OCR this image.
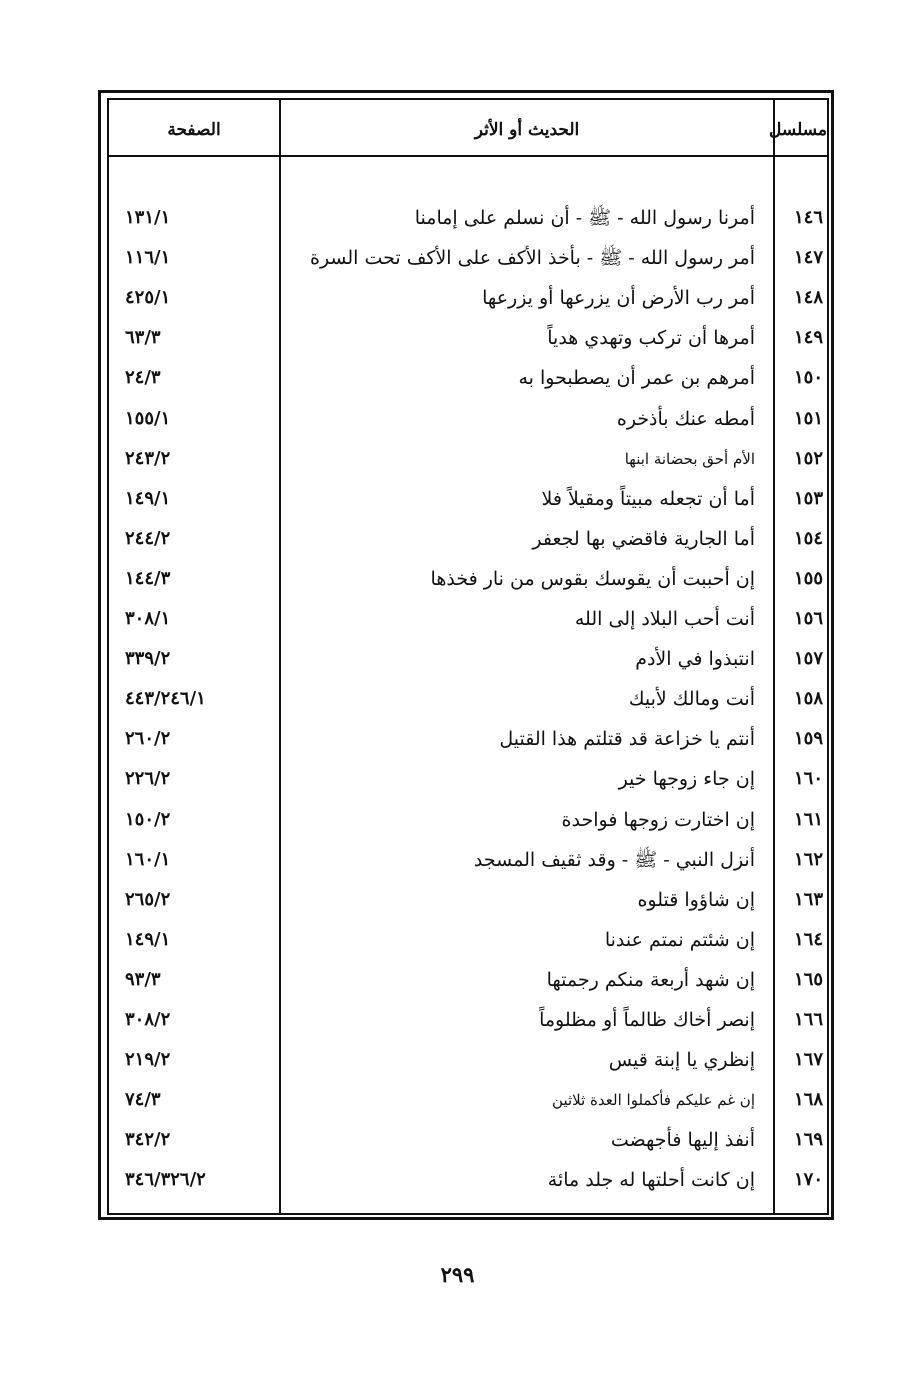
مسلسل
الحديث أو الأثر
الصفحة
١٤٦
أمرنا رسول الله - ﷺ - أن نسلم على إمامنا
١٣١/١
١٤٧
أمر رسول الله - ﷺ - بأخذ الأكف على الأكف تحت السرة
١١٦/١
١٤٨
أمر رب الأرض أن يزرعها أو يزرعها
٤٢٥/١
١٤٩
أمرها أن تركب وتهدي هدياً
٦٣/٣
١٥٠
أمرهم بن عمر أن يصطبحوا به
٢٤/٣
١٥١
أمطه عنك بأذخره
١٥٥/١
١٥٢
الأم أحق بحضانة ابنها
٢٤٣/٢
١٥٣
أما أن تجعله مبيتاً ومقيلاً فلا
١٤٩/١
١٥٤
أما الجارية فاقضي بها لجعفر
٢٤٤/٢
١٥٥
إن أحببت أن يقوسك بقوس من نار فخذها
١٤٤/٣
١٥٦
أنت أحب البلاد إلى الله
٣٠٨/١
١٥٧
انتبذوا في الأدم
٣٣٩/٢
١٥٨
أنت ومالك لأبيك
٤٤٣/٢٤٦/١
١٥٩
أنتم يا خزاعة قد قتلتم هذا القتيل
٢٦٠/٢
١٦٠
إن جاء زوجها خير
٢٢٦/٢
١٦١
إن اختارت زوجها فواحدة
١٥٠/٢
١٦٢
أنزل النبي - ﷺ - وقد ثقيف المسجد
١٦٠/١
١٦٣
إن شاؤوا قتلوه
٢٦٥/٢
١٦٤
إن شئتم نمتم عندنا
١٤٩/١
١٦٥
إن شهد أربعة منكم رجمتها
٩٣/٣
١٦٦
إنصر أخاك ظالماً أو مظلوماً
٣٠٨/٢
١٦٧
إنظري يا إبنة قيس
٢١٩/٢
١٦٨
إن غم عليكم فأكملوا العدة ثلاثين
٧٤/٣
١٦٩
أنفذ إليها فأجهضت
٣٤٢/٢
١٧٠
إن كانت أحلتها له جلد مائة
٣٤٦/٣٢٦/٢
٢٩٩
